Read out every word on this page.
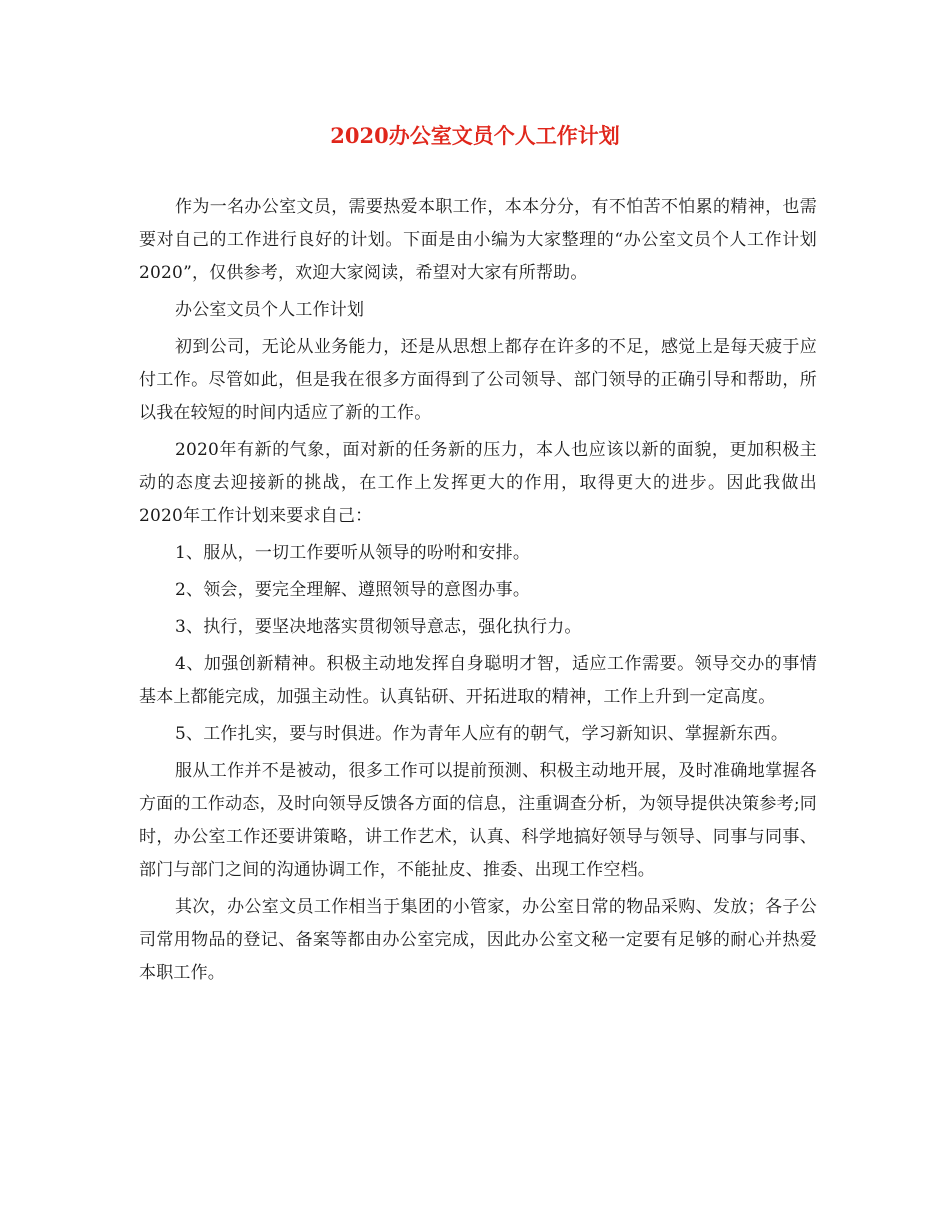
2020办公室文员个人工作计划

作为一名办公室文员，需要热爱本职工作，本本分分，有不怕苦不怕累的精神，也需要对自己的工作进行良好的计划。下面是由小编为大家整理的“办公室文员个人工作计划2020”，仅供参考，欢迎大家阅读，希望对大家有所帮助。

办公室文员个人工作计划

初到公司，无论从业务能力，还是从思想上都存在许多的不足，感觉上是每天疲于应付工作。尽管如此，但是我在很多方面得到了公司领导、部门领导的正确引导和帮助，所以我在较短的时间内适应了新的工作。

2020年有新的气象，面对新的任务新的压力，本人也应该以新的面貌，更加积极主动的态度去迎接新的挑战，在工作上发挥更大的作用，取得更大的进步。因此我做出2020年工作计划来要求自己：

1、服从，一切工作要听从领导的吩咐和安排。

2、领会，要完全理解、遵照领导的意图办事。

3、执行，要坚决地落实贯彻领导意志，强化执行力。

4、加强创新精神。积极主动地发挥自身聪明才智，适应工作需要。领导交办的事情基本上都能完成，加强主动性。认真钻研、开拓进取的精神，工作上升到一定高度。

5、工作扎实，要与时俱进。作为青年人应有的朝气，学习新知识、掌握新东西。

服从工作并不是被动，很多工作可以提前预测、积极主动地开展，及时准确地掌握各方面的工作动态，及时向领导反馈各方面的信息，注重调查分析，为领导提供决策参考;同时，办公室工作还要讲策略，讲工作艺术，认真、科学地搞好领导与领导、同事与同事、部门与部门之间的沟通协调工作，不能扯皮、推委、出现工作空档。

其次，办公室文员工作相当于集团的小管家，办公室日常的物品采购、发放；各子公司常用物品的登记、备案等都由办公室完成，因此办公室文秘一定要有足够的耐心并热爱本职工作。
